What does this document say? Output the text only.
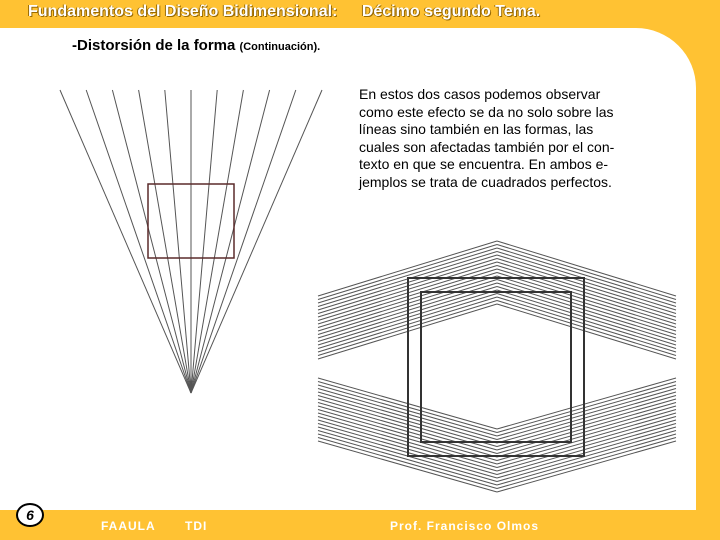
Fundamentos del Diseño Bidimensional: Décimo segundo Tema.
-Distorsión de la forma (Continuación).
En estos dos casos podemos observar
como este efecto se da no solo sobre las
líneas sino también en las formas, las
cuales son afectadas también por el con-
texto en que se encuentra. En ambos e-
jemplos se trata de cuadrados perfectos.
6
FAAULA TDI	Prof. Francisco Olmos
